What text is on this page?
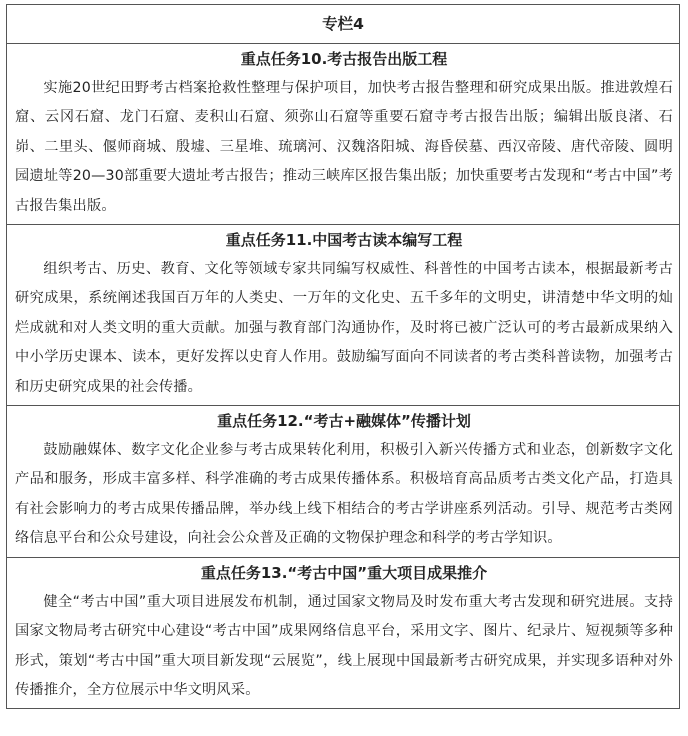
专栏4
重点任务10.考古报告出版工程

实施20世纪田野考古档案抢救性整理与保护项目，加快考古报告整理和研究成果出版。推进敦煌石窟、云冈石窟、龙门石窟、麦积山石窟、须弥山石窟等重要石窟寺考古报告出版；编辑出版良渚、石峁、二里头、偃师商城、殷墟、三星堆、琉璃河、汉魏洛阳城、海昏侯墓、西汉帝陵、唐代帝陵、圆明园遗址等20—30部重要大遗址考古报告；推动三峡库区报告集出版；加快重要考古发现和“考古中国”考古报告集出版。

重点任务11.中国考古读本编写工程

组织考古、历史、教育、文化等领域专家共同编写权威性、科普性的中国考古读本，根据最新考古研究成果，系统阐述我国百万年的人类史、一万年的文化史、五千多年的文明史，讲清楚中华文明的灿烂成就和对人类文明的重大贡献。加强与教育部门沟通协作，及时将已被广泛认可的考古最新成果纳入中小学历史课本、读本，更好发挥以史育人作用。鼓励编写面向不同读者的考古类科普读物，加强考古和历史研究成果的社会传播。

重点任务12.“考古+融媒体”传播计划

鼓励融媒体、数字文化企业参与考古成果转化利用，积极引入新兴传播方式和业态，创新数字文化产品和服务，形成丰富多样、科学准确的考古成果传播体系。积极培育高品质考古类文化产品，打造具有社会影响力的考古成果传播品牌，举办线上线下相结合的考古学讲座系列活动。引导、规范考古类网络信息平台和公众号建设，向社会公众普及正确的文物保护理念和科学的考古学知识。

重点任务13.“考古中国”重大项目成果推介

健全“考古中国”重大项目进展发布机制，通过国家文物局及时发布重大考古发现和研究进展。支持国家文物局考古研究中心建设“考古中国”成果网络信息平台，采用文字、图片、纪录片、短视频等多种形式，策划“考古中国”重大项目新发现“云展览”，线上展现中国最新考古研究成果，并实现多语种对外传播推介，全方位展示中华文明风采。
